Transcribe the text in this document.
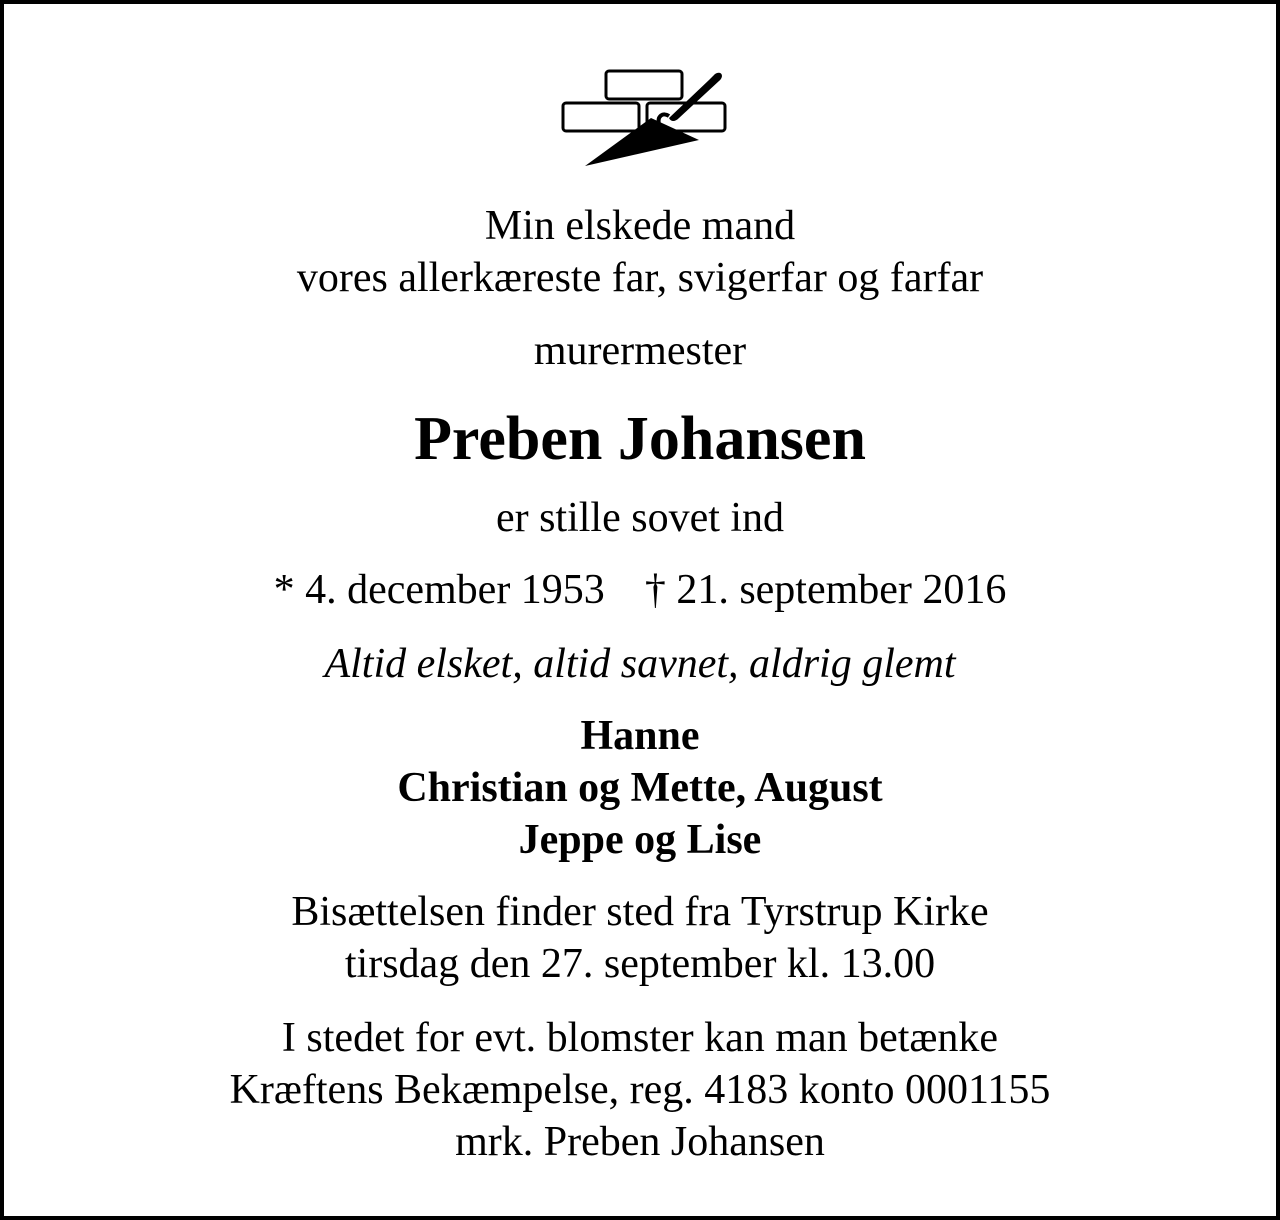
Min elskede mand
vores allerkæreste far, svigerfar og farfar
murermester
Preben Johansen
er stille sovet ind
* 4. december 1953 † 21. september 2016
Altid elsket, altid savnet, aldrig glemt
Hanne
Christian og Mette, August
Jeppe og Lise
Bisættelsen finder sted fra Tyrstrup Kirke
tirsdag den 27. september kl. 13.00
I stedet for evt. blomster kan man betænke
Kræftens Bekæmpelse, reg. 4183 konto 0001155
mrk. Preben Johansen
